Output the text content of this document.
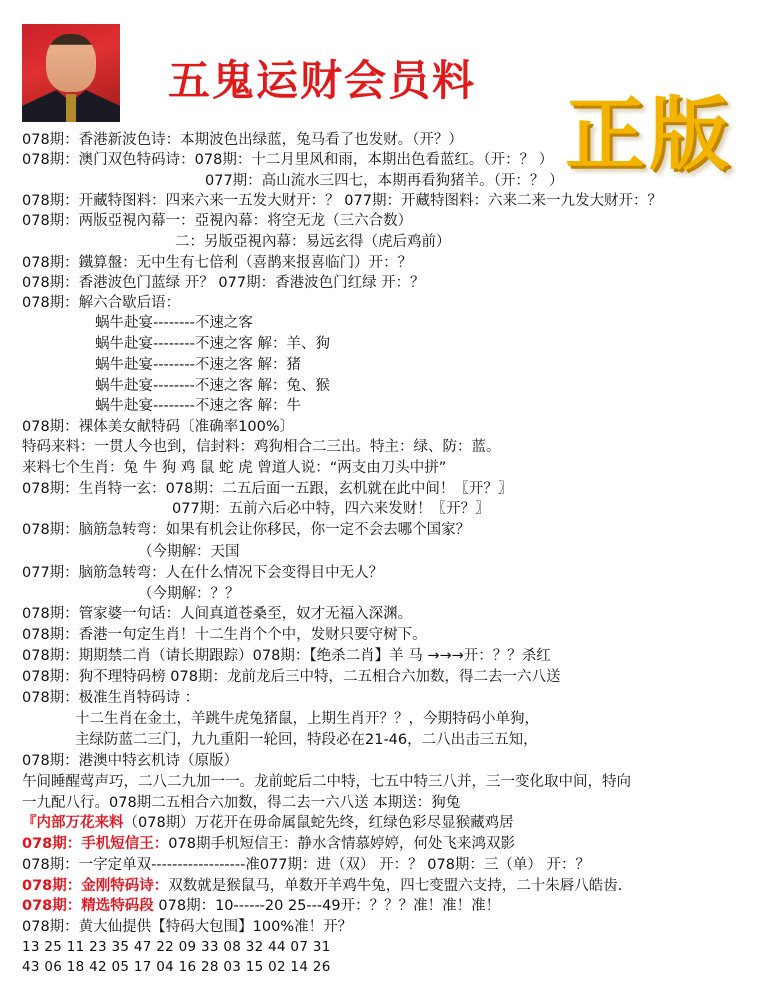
五鬼运财会员料
正版
078期：香港新波色诗：本期波色出绿蓝，兔马看了也发财。（开？）
078期：澳门双色特码诗：078期：十二月里风和雨，本期出色看蓝红。（开：？ ）
077期：高山流水三四七，本期再看狗猪羊。（开：？ ）
078期：开藏特图料：四来六来一五发大财开：？ 077期：开藏特图料：六来二来一九发大财开：？
078期：两版亞視內幕一：亞視內幕：将空无龙（三六合数）
二：另版亞視內幕：易远玄得（虎后鸡前）
078期：鐵算盤：无中生有七倍利（喜鹊来报喜临门）开：？
078期：香港波色门蓝绿 开？ 077期：香港波色门红绿 开：？
078期：解六合歇后语：
蜗牛赴宴--------不速之客
蜗牛赴宴--------不速之客 解：羊、狗
蜗牛赴宴--------不速之客 解：猪
蜗牛赴宴--------不速之客 解：兔、猴
蜗牛赴宴--------不速之客 解：牛
078期：裸体美女献特码〔准确率100%〕
特码来料：一贯人今也到，信封料：鸡狗相合二三出。特主：绿、防：蓝。
来料七个生肖：兔 牛 狗 鸡 鼠 蛇 虎 曾道人说：“两支由刀头中拼”
078期：生肖特一玄：078期：二五后面一五跟，玄机就在此中间！〖开？〗
077期：五前六后必中特，四六来发财！〖开？〗
078期：脑筋急转弯：如果有机会让你移民，你一定不会去哪个国家？
（今期解：天国
077期：脑筋急转弯：人在什么情况下会变得目中无人？
（今期解：？？
078期：管家婆一句话：人间真道苍桑至，奴才无福入深渊。
078期：香港一句定生肖！十二生肖个个中，发财只要守树下。
078期：期期禁二肖（请长期跟踪）078期：【绝杀二肖】羊 马 →→→开：？？杀红
078期：狗不理特码榜 078期：龙前龙后三中特，二五相合六加数，得二去一六八送
078期：极准生肖特码诗 ：
十二生肖在金土，羊跳牛虎兔猪鼠，上期生肖开？？，今期特码小单狗，
主绿防蓝二三门，九九重阳一轮回，特段必在21-46，二八出击三五知，
078期：港澳中特玄机诗（原版）
午间睡醒莺声巧，二八二九加一一。龙前蛇后二中特，七五中特三八并，三一变化取中间，特向
一九配八行。078期二五相合六加数，得二去一六八送 本期送：狗兔
『内部万花来料（078期）万花开在毋命属鼠蛇先终，红绿色彩尽显猴藏鸡居
078期：手机短信王：078期手机短信王：静水含情慕婷婷，何处飞来鸿双影
078期：一字定单双------------------准077期：进（双） 开：？ 078期：三（单） 开：？
078期：金刚特码诗：双数就是猴鼠马，单数开羊鸡牛兔，四七变盟六支持，二十朱唇八皓齿．
078期：精选特码段 078期：10------20 25---49开：？？？准！准！准！
078期：黄大仙提供【特码大包围】100%准！开？
13 25 11 23 35 47 22 09 33 08 32 44 07 31
43 06 18 42 05 17 04 16 28 03 15 02 14 26
